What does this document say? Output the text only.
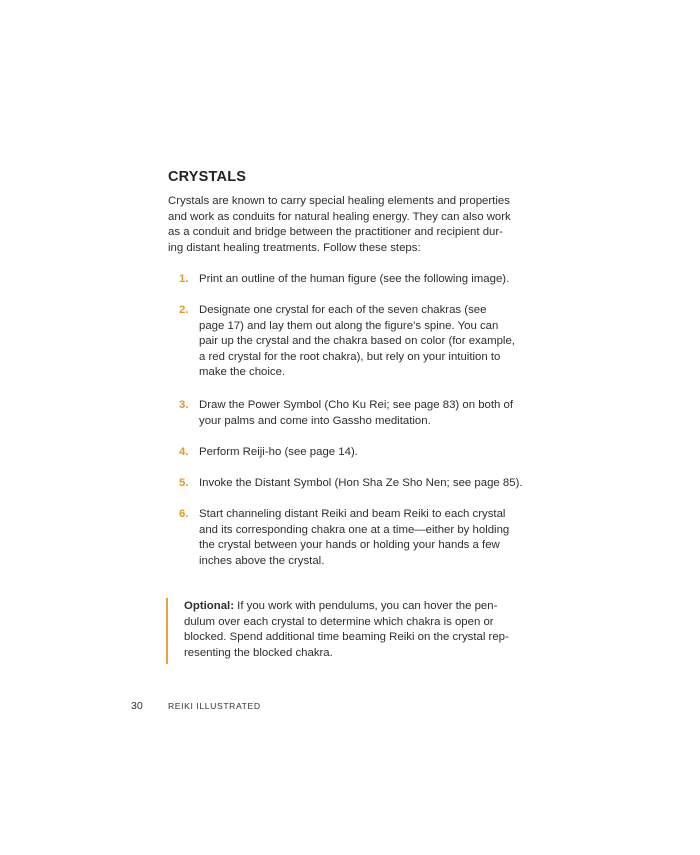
CRYSTALS
Crystals are known to carry special healing elements and properties
and work as conduits for natural healing energy. They can also work
as a conduit and bridge between the practitioner and recipient dur-
ing distant healing treatments. Follow these steps:
1. Print an outline of the human figure (see the following image).
2. Designate one crystal for each of the seven chakras (see
page 17) and lay them out along the figure’s spine. You can
pair up the crystal and the chakra based on color (for example,
a red crystal for the root chakra), but rely on your intuition to
make the choice.
3. Draw the Power Symbol (Cho Ku Rei; see page 83) on both of
your palms and come into Gassho meditation.
4. Perform Reiji-ho (see page 14).
5. Invoke the Distant Symbol (Hon Sha Ze Sho Nen; see page 85).
6. Start channeling distant Reiki and beam Reiki to each crystal
and its corresponding chakra one at a time—either by holding
the crystal between your hands or holding your hands a few
inches above the crystal.
Optional: If you work with pendulums, you can hover the pen-
dulum over each crystal to determine which chakra is open or
blocked. Spend additional time beaming Reiki on the crystal rep-
resenting the blocked chakra.
30	REIKI ILLUSTRATED
